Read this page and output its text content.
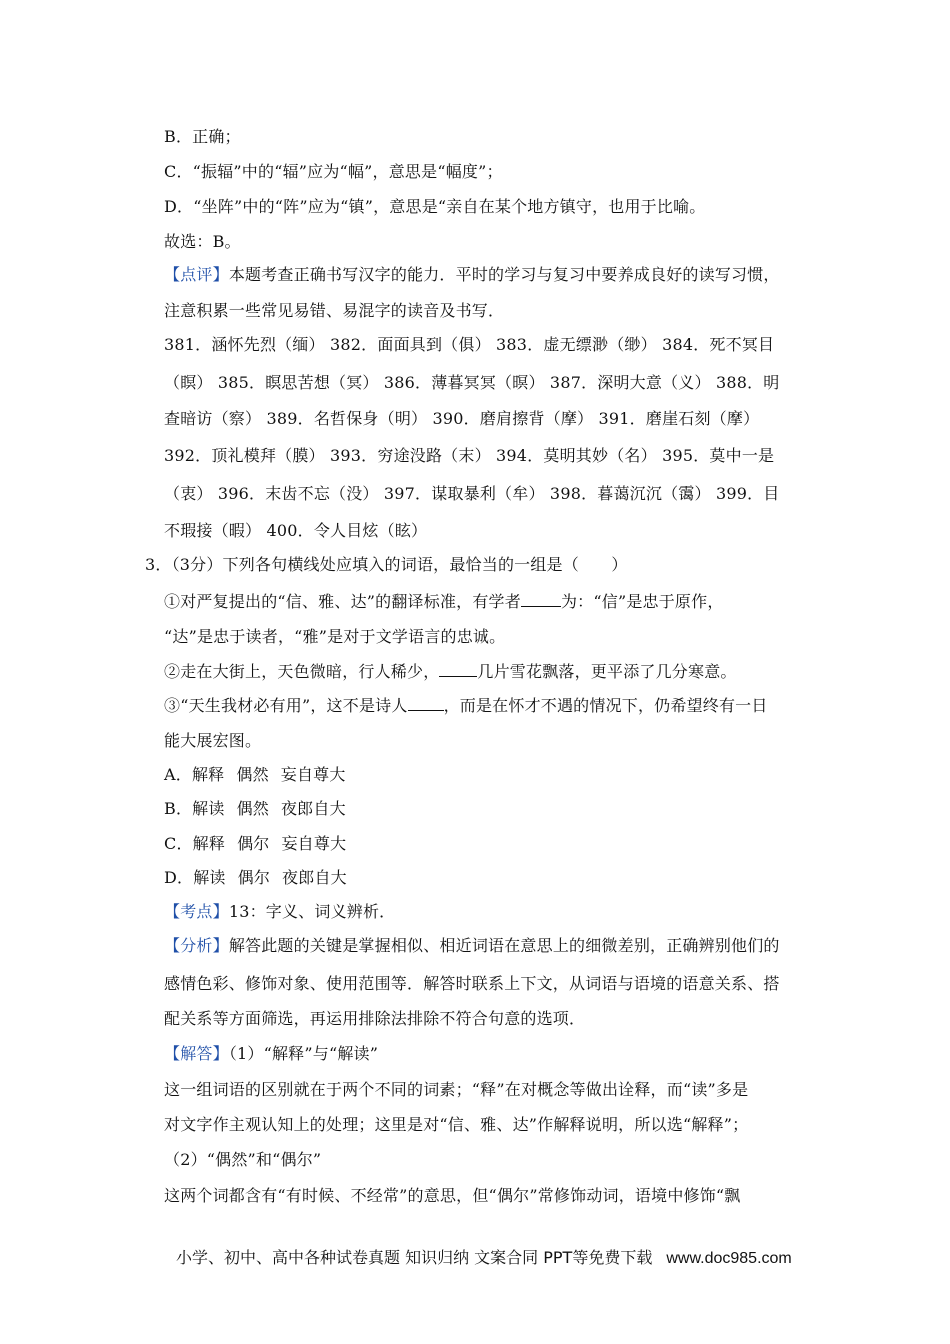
B．正确；
C．“振辐”中的“辐”应为“幅”，意思是“幅度”；
D．“坐阵”中的“阵”应为“镇”，意思是“亲自在某个地方镇守，也用于比喻。
故选：B。
【点评】本题考查正确书写汉字的能力．平时的学习与复习中要养成良好的读写习惯，
注意积累一些常见易错、易混字的读音及书写．
381．涵怀先烈（缅） 382．面面具到（俱） 383．虚无缥渺（缈） 384．死不冥目
（瞑） 385．瞑思苦想（冥） 386．薄暮冥冥（暝） 387．深明大意（义） 388．明
查暗访（察） 389．名哲保身（明） 390．磨肩擦背（摩） 391．磨崖石刻（摩）
392．顶礼模拜（膜） 393．穷途没路（末） 394．莫明其妙（名） 395．莫中一是
（衷） 396．末齿不忘（没） 397．谋取暴利（牟） 398．暮蔼沉沉（霭） 399．目
不瑕接（暇） 400．令人目炫（眩）
3．（3分）下列各句横线处应填入的词语，最恰当的一组是（　　）
①对严复提出的“信、雅、达”的翻译标准，有学者	为：“信”是忠于原作，
“达”是忠于读者，“雅”是对于文学语言的忠诚。
②走在大街上，天色微暗，行人稀少， 几片雪花飘落，更平添了几分寒意。
③“天生我材必有用”，这不是诗人 ，而是在怀才不遇的情况下，仍希望终有一日
能大展宏图。
A．解释 偶然 妄自尊大
B．解读 偶然 夜郎自大
C．解释 偶尔 妄自尊大
D．解读 偶尔 夜郎自大
【考点】13：字义、词义辨析．
【分析】解答此题的关键是掌握相似、相近词语在意思上的细微差别，正确辨别他们的
感情色彩、修饰对象、使用范围等．解答时联系上下文，从词语与语境的语意关系、搭
配关系等方面筛选，再运用排除法排除不符合句意的选项．
【解答】（1）“解释”与“解读”
这一组词语的区别就在于两个不同的词素；“释”在对概念等做出诠释，而“读”多是
对文字作主观认知上的处理；这里是对“信、雅、达”作解释说明，所以选“解释”；
（2）“偶然”和“偶尔”
这两个词都含有“有时候、不经常”的意思，但“偶尔”常修饰动词，语境中修饰“飘
小学、初中、高中各种试卷真题 知识归纳 文案合同 PPT等免费下载 www.doc985.com
